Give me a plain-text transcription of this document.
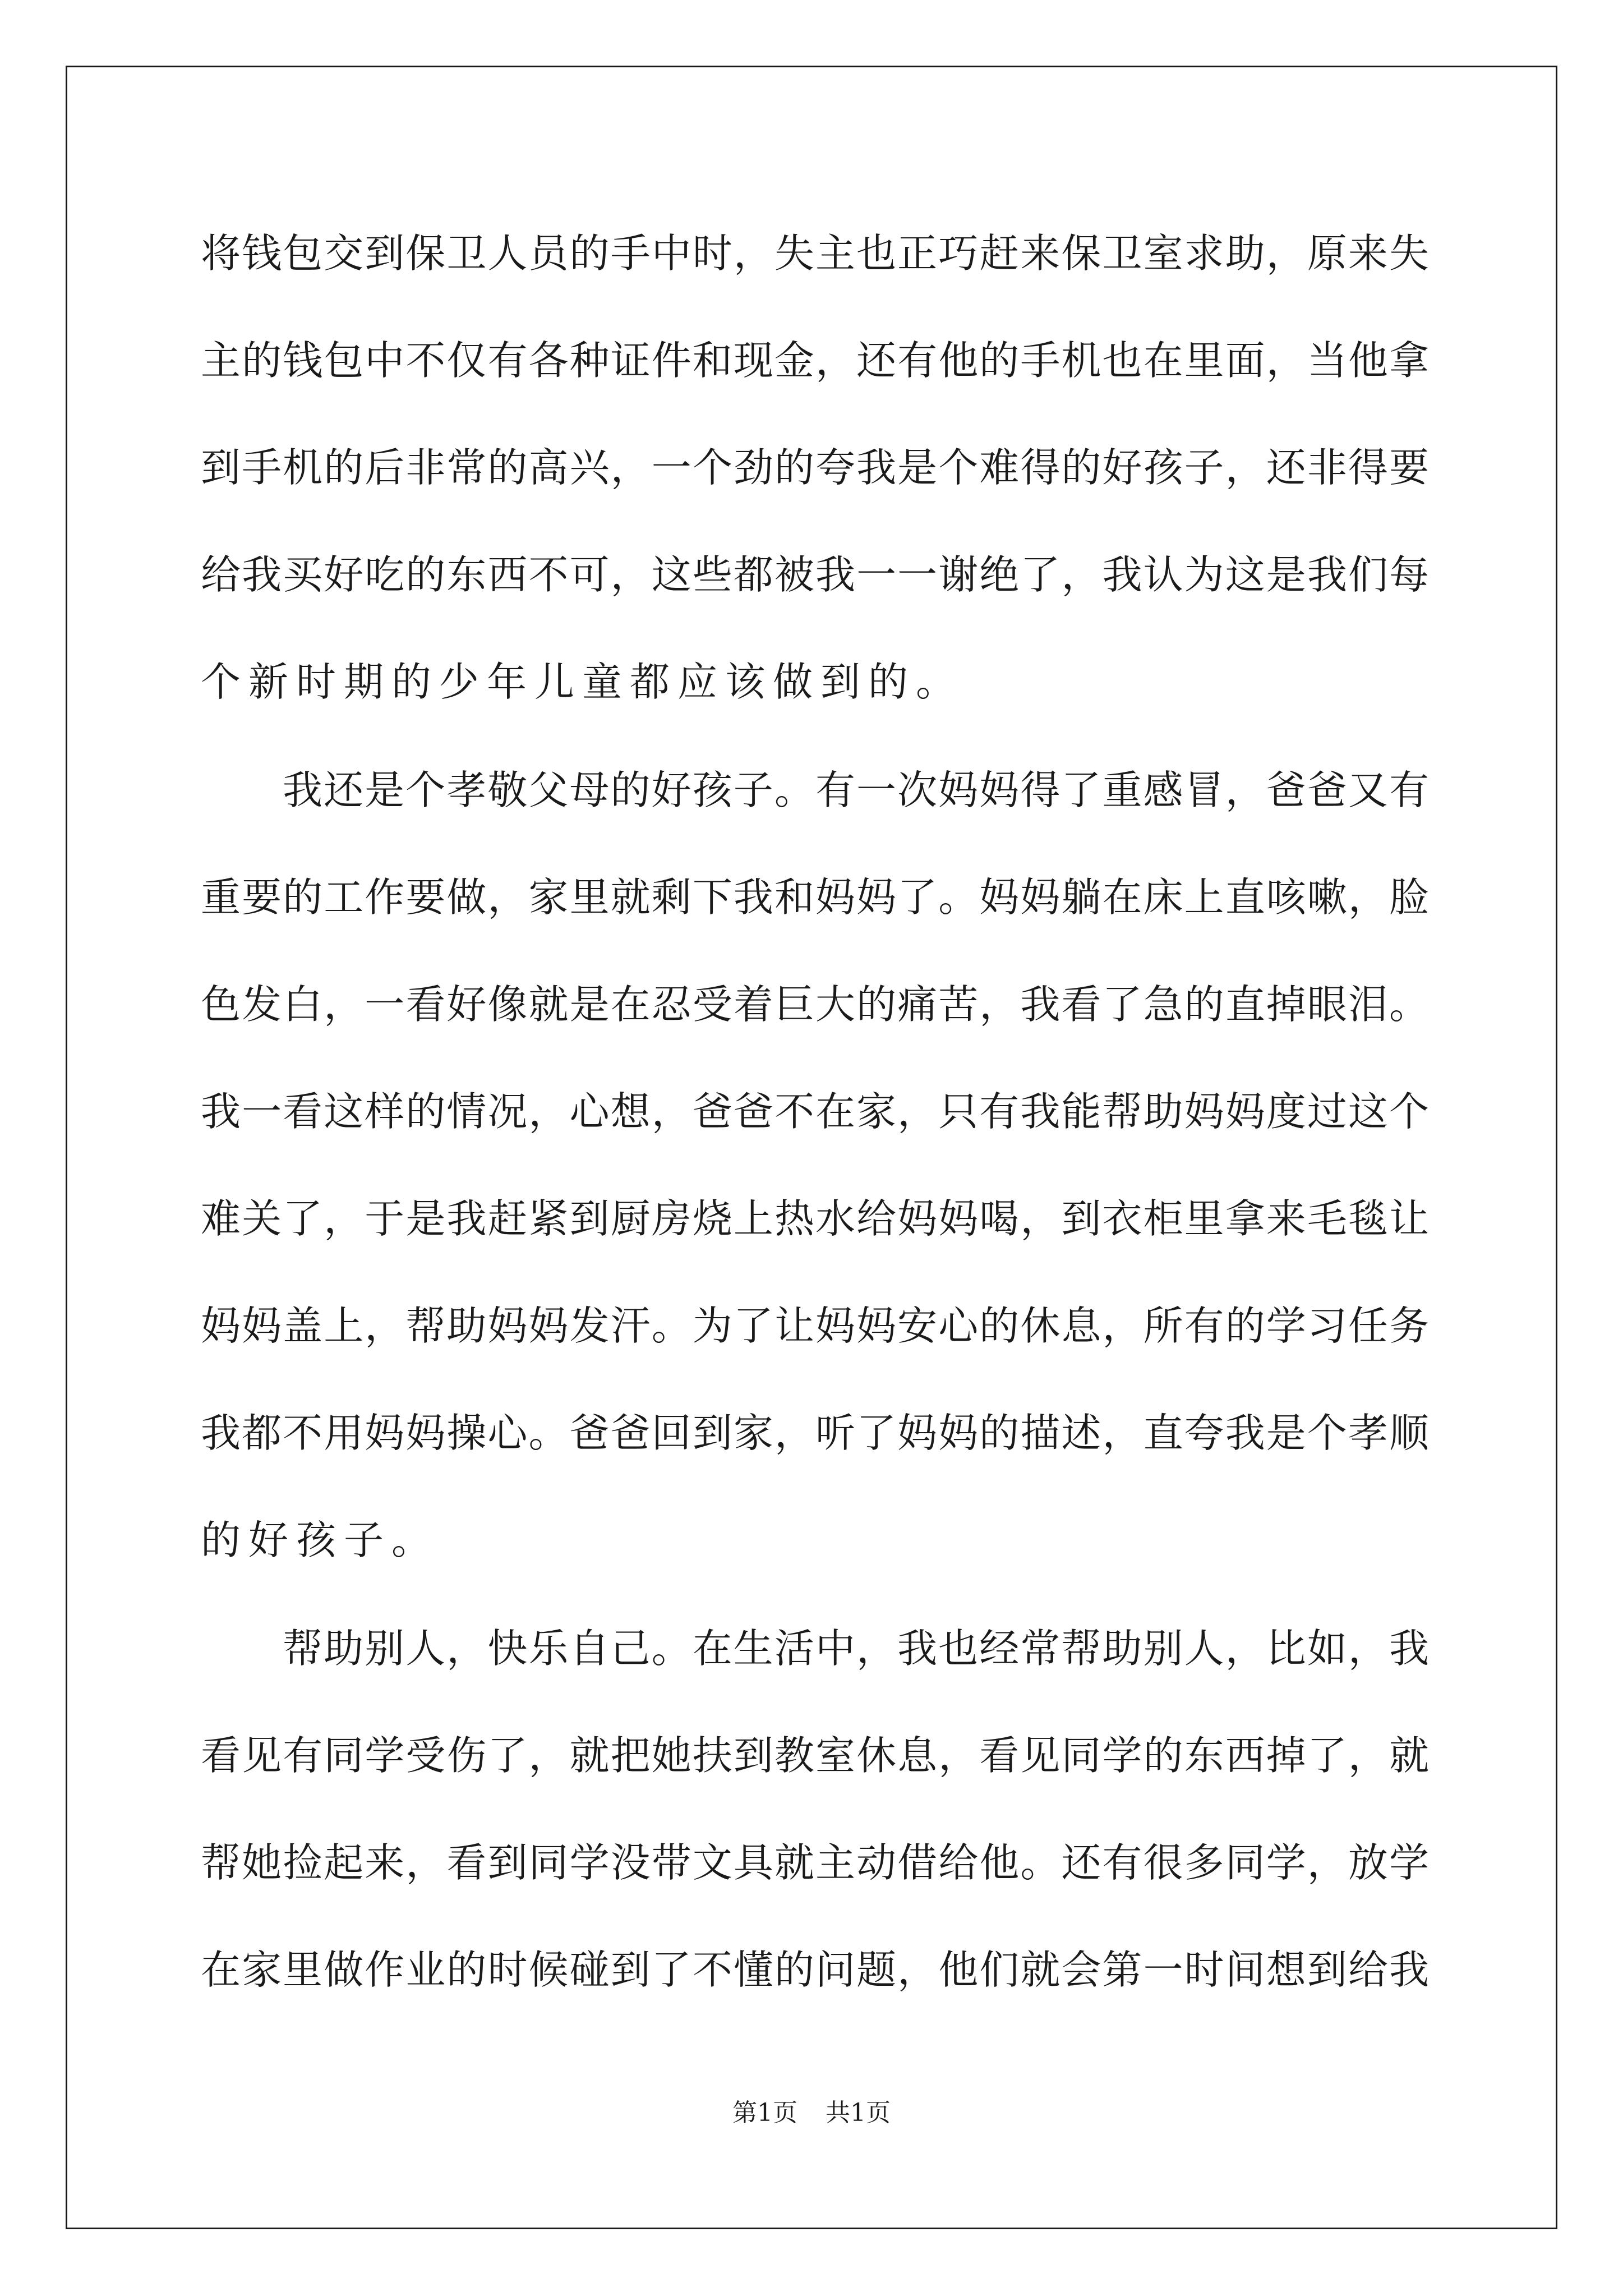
将钱包交到保卫人员的手中时，失主也正巧赶来保卫室求助，原来失
主的钱包中不仅有各种证件和现金，还有他的手机也在里面，当他拿
到手机的后非常的高兴，一个劲的夸我是个难得的好孩子，还非得要
给我买好吃的东西不可，这些都被我一一谢绝了，我认为这是我们每
个新时期的少年儿童都应该做到的。
我还是个孝敬父母的好孩子。有一次妈妈得了重感冒，爸爸又有
重要的工作要做，家里就剩下我和妈妈了。妈妈躺在床上直咳嗽，脸
色发白，一看好像就是在忍受着巨大的痛苦，我看了急的直掉眼泪。
我一看这样的情况，心想，爸爸不在家，只有我能帮助妈妈度过这个
难关了，于是我赶紧到厨房烧上热水给妈妈喝，到衣柜里拿来毛毯让
妈妈盖上，帮助妈妈发汗。为了让妈妈安心的休息，所有的学习任务
我都不用妈妈操心。爸爸回到家，听了妈妈的描述，直夸我是个孝顺
的好孩子。
帮助别人，快乐自己。在生活中，我也经常帮助别人，比如，我
看见有同学受伤了，就把她扶到教室休息，看见同学的东西掉了，就
帮她捡起来，看到同学没带文具就主动借给他。还有很多同学，放学
在家里做作业的时候碰到了不懂的问题，他们就会第一时间想到给我
第1页 共1页
